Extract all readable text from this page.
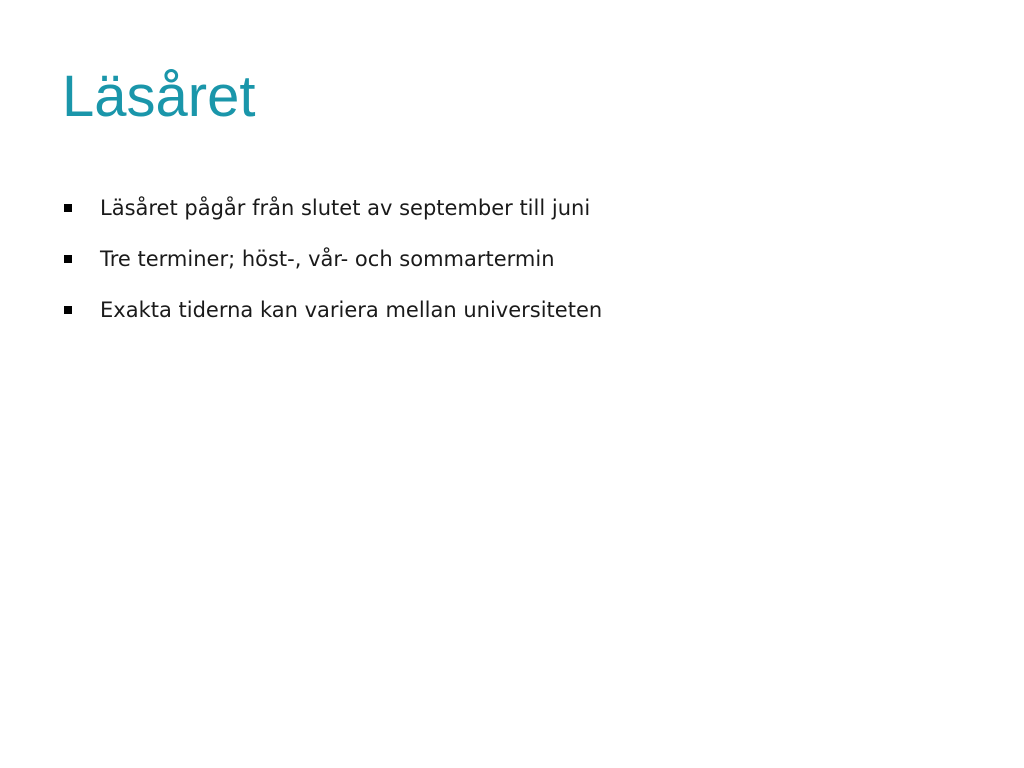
Läsåret
Läsåret pågår från slutet av september till juni
Tre terminer; höst-, vår- och sommartermin
Exakta tiderna kan variera mellan universiteten
